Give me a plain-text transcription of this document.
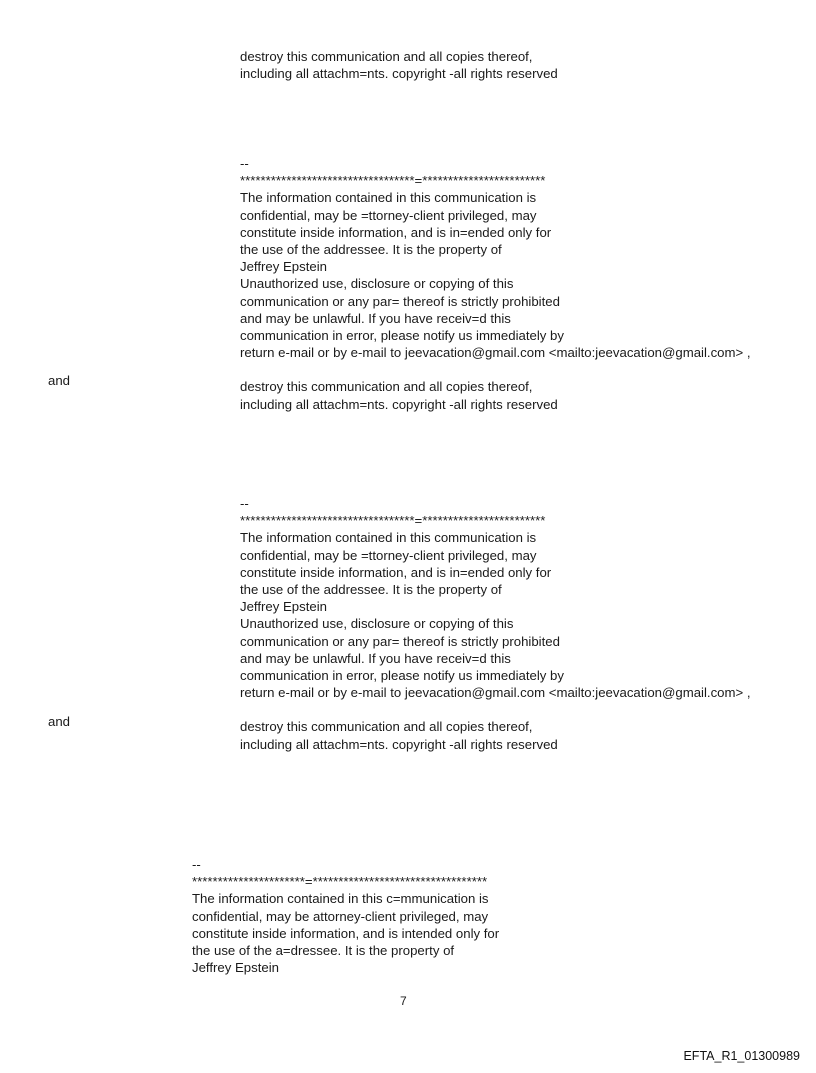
destroy this communication and all copies thereof,
including all attachm=nts. copyright -all rights reserved
--
**********************************=************************
The information contained in this communication is
confidential, may be =ttorney-client privileged, may
constitute inside information, and is in=ended only for
the use of the addressee. It is the property of
Jeffrey Epstein
Unauthorized use, disclosure or copying of this
communication or any par= thereof is strictly prohibited
and may be unlawful. If you have receiv=d this
communication in error, please notify us immediately by
return e-mail or by e-mail to jeevacation@gmail.com <mailto:jeevacation@gmail.com> ,
destroy this communication and all copies thereof,
including all attachm=nts. copyright -all rights reserved
and
--
**********************************=************************
The information contained in this communication is
confidential, may be =ttorney-client privileged, may
constitute inside information, and is in=ended only for
the use of the addressee. It is the property of
Jeffrey Epstein
Unauthorized use, disclosure or copying of this
communication or any par= thereof is strictly prohibited
and may be unlawful. If you have receiv=d this
communication in error, please notify us immediately by
return e-mail or by e-mail to jeevacation@gmail.com <mailto:jeevacation@gmail.com> ,
destroy this communication and all copies thereof,
including all attachm=nts. copyright -all rights reserved
and
--
**********************=**********************************
The information contained in this c=mmunication is
confidential, may be attorney-client privileged, may
constitute inside information, and is intended only for
the use of the a=dressee. It is the property of
Jeffrey Epstein
7
EFTA_R1_01300989
